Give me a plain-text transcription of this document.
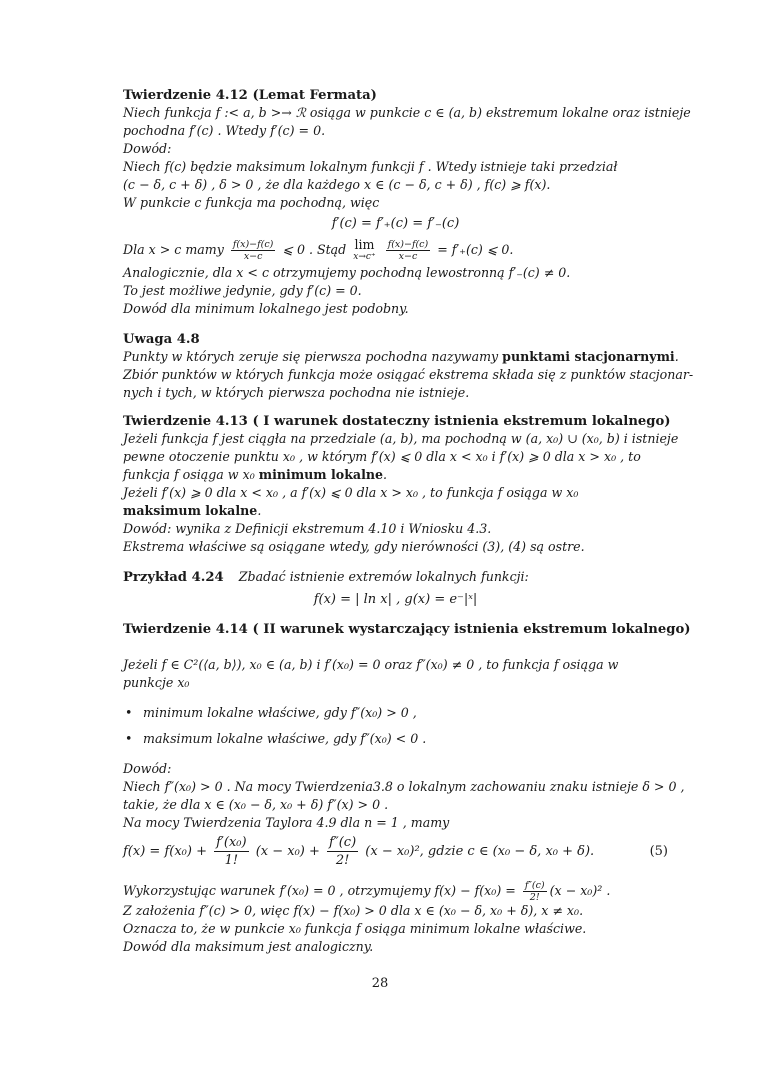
Twierdzenie 4.12 (Lemat Fermata)
Niech funkcja f :< a, b >→ ℛ osiąga w punkcie c ∈ (a, b) ekstremum lokalne oraz istnieje
pochodna f′(c) . Wtedy f′(c) = 0.
Dowód:
Niech f(c) będzie maksimum lokalnym funkcji f . Wtedy istnieje taki przedział
(c − δ, c + δ) , δ > 0 , że dla każdego x ∈ (c − δ, c + δ) , f(c) ⩾ f(x).
W punkcie c funkcja ma pochodną, więc
f′(c) = f′₊(c) = f′₋(c)
Dla x > c mamy $\frac{f(x)-f(c)}{x-c}$ ⩽ 0 . Stąd lim
x→c⁺
$\frac{f(x)-f(c)}{x-c} = f'_+(c)$ ⩽ 0.
Analogicznie, dla x < c otrzymujemy pochodną lewostronną f′₋(c) ≠ 0.
To jest możliwe jedynie, gdy f′(c) = 0.
Dowód dla minimum lokalnego jest podobny.
Uwaga 4.8
Punkty w których zeruje się pierwsza pochodna nazywamy punktami stacjonarnymi.
Zbiór punktów w których funkcja może osiągać ekstrema składa się z punktów stacjonar-
nych i tych, w których pierwsza pochodna nie istnieje.
Twierdzenie 4.13 ( I warunek dostateczny istnienia ekstremum lokalnego)
Jeżeli funkcja f jest ciągła na przedziale (a, b), ma pochodną w (a, x₀) ∪ (x₀, b) i istnieje
pewne otoczenie punktu x₀ , w którym f′(x) ⩽ 0 dla x < x₀ i f′(x) ⩾ 0 dla x > x₀ , to
funkcja f osiąga w x₀ minimum lokalne.
Jeżeli f′(x) ⩾ 0 dla x < x₀ , a f′(x) ⩽ 0 dla x > x₀ , to funkcja f osiąga w x₀
maksimum lokalne.
Dowód: wynika z Definicji ekstremum 4.10 i Wniosku 4.3.
Ekstrema właściwe są osiągane wtedy, gdy nierówności (3), (4) są ostre.
Przykład 4.24 Zbadać istnienie extremów lokalnych funkcji:
f(x) = | ln x| , g(x) = e⁻|ˣ|
Twierdzenie 4.14 ( II warunek wystarczający istnienia ekstremum lokalnego)
Jeżeli f ∈ C²(⟨a, b⟩), x₀ ∈ (a, b) i f′(x₀) = 0 oraz f″(x₀) ≠ 0 , to funkcja f osiąga w
punkcje x₀
• minimum lokalne właściwe, gdy f″(x₀) > 0 ,
• maksimum lokalne właściwe, gdy f″(x₀) < 0 .
Dowód:
Niech f″(x₀) > 0 . Na mocy Twierdzenia3.8 o lokalnym zachowaniu znaku istnieje δ > 0 ,
takie, że dla x ∈ (x₀ − δ, x₀ + δ) f″(x) > 0 .
Na mocy Twierdzenia Taylora 4.9 dla n = 1 , mamy
$f(x) = f(x_0) + \frac{\text{f′(x₀)}}{1!} (x - x_0) + \frac{f''(c)}{2!} (x - x_0)^2$, gdzie c ∈ (x₀ − δ, x₀ + δ).	(5)
Wykorzystując warunek f′(x₀) = 0 , otrzymujemy $f(x) - f(x_0) = \frac{f''(c)}{2!} (x - x_0)^2$ .
Z założenia f″(c) > 0, więc f(x) − f(x₀) > 0 dla x ∈ (x₀ − δ, x₀ + δ), x ≠ x₀.
Oznacza to, że w punkcie x₀ funkcja f osiąga minimum lokalne właściwe.
Dowód dla maksimum jest analogiczny.
28
